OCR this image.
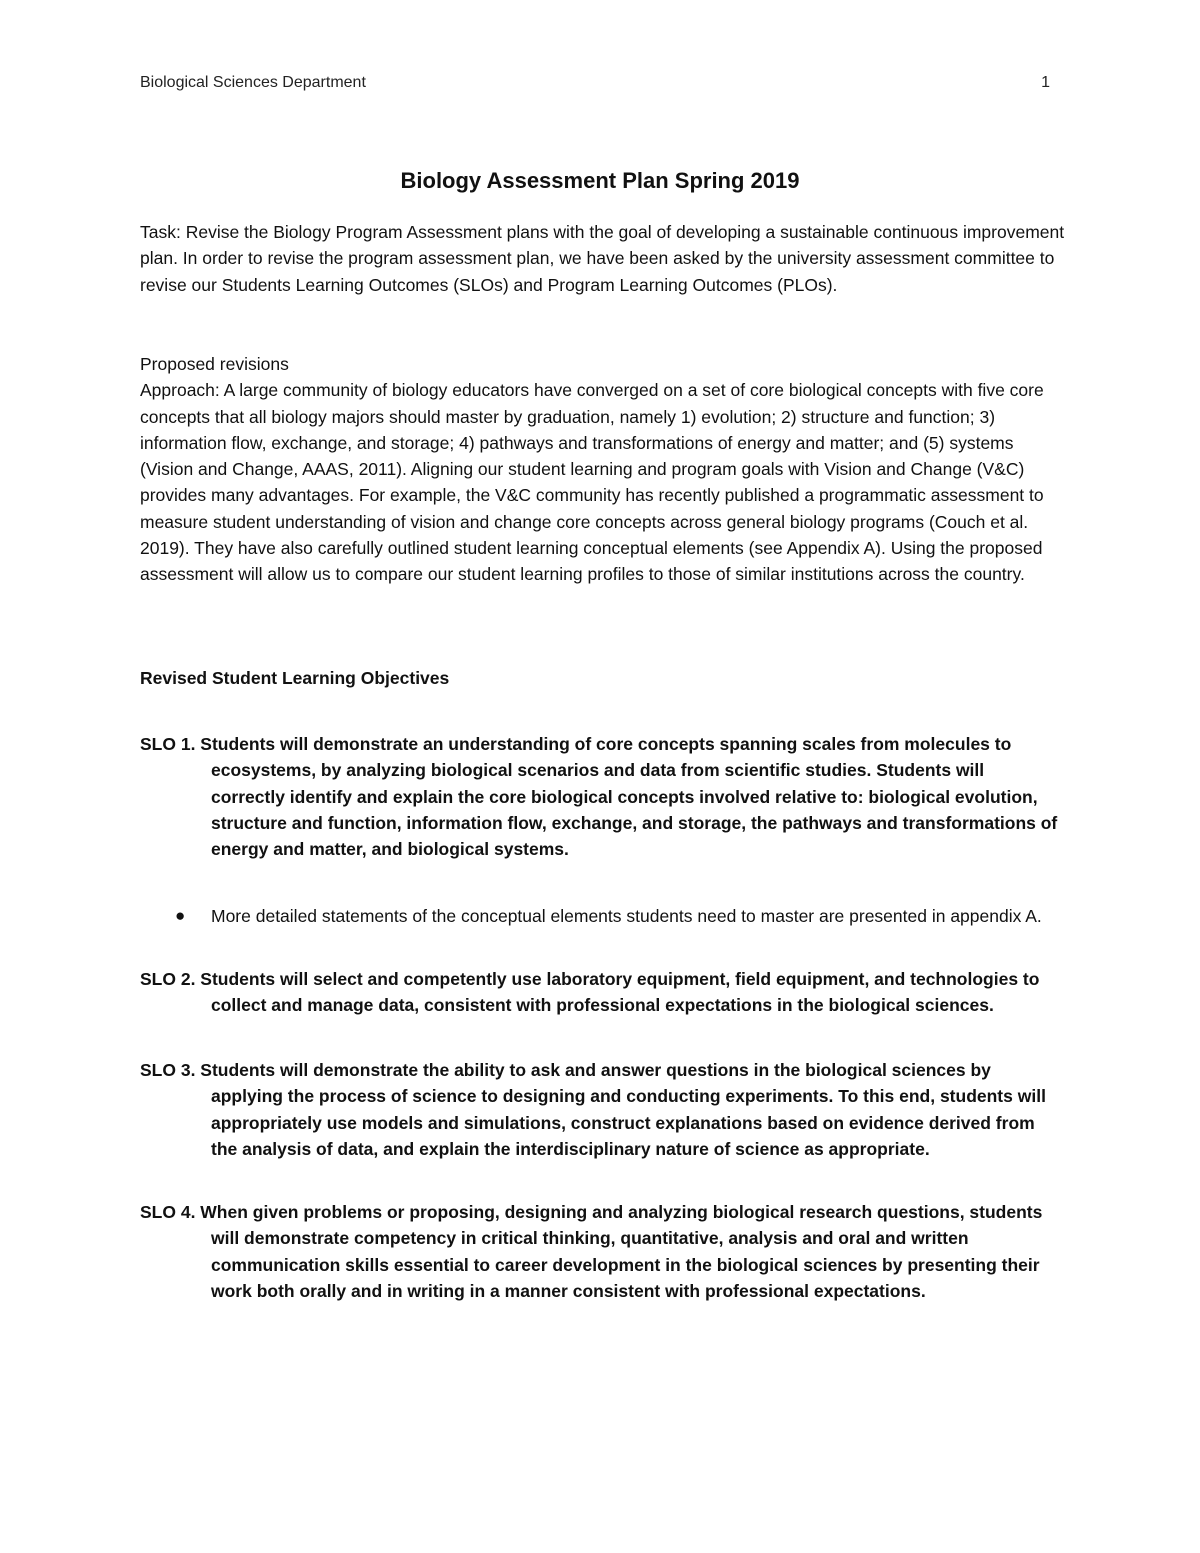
Biological Sciences Department	1
Biology Assessment Plan Spring 2019

Task: Revise the Biology Program Assessment plans with the goal of developing a sustainable continuous improvement plan. In order to revise the program assessment plan, we have been asked by the university assessment committee to revise our Students Learning Outcomes (SLOs) and Program Learning Outcomes (PLOs).

Proposed revisions

Approach: A large community of biology educators have converged on a set of core biological concepts with five core concepts that all biology majors should master by graduation, namely 1) evolution; 2) structure and function; 3) information flow, exchange, and storage; 4) pathways and transformations of energy and matter; and (5) systems (Vision and Change, AAAS, 2011). Aligning our student learning and program goals with Vision and Change (V&C) provides many advantages. For example, the V&C community has recently published a programmatic assessment to measure student understanding of vision and change core concepts across general biology programs (Couch et al. 2019). They have also carefully outlined student learning conceptual elements (see Appendix A). Using the proposed assessment will allow us to compare our student learning profiles to those of similar institutions across the country.

Revised Student Learning Objectives
SLO 1. Students will demonstrate an understanding of core concepts spanning scales from molecules to ecosystems, by analyzing biological scenarios and data from scientific studies. Students will correctly identify and explain the core biological concepts involved relative to: biological evolution, structure and function, information flow, exchange, and storage, the pathways and transformations of energy and matter, and biological systems.
● More detailed statements of the conceptual elements students need to master are presented in appendix A.
SLO 2. Students will select and competently use laboratory equipment, field equipment, and technologies to collect and manage data, consistent with professional expectations in the biological sciences.
SLO 3. Students will demonstrate the ability to ask and answer questions in the biological sciences by applying the process of science to designing and conducting experiments. To this end, students will appropriately use models and simulations, construct explanations based on evidence derived from the analysis of data, and explain the interdisciplinary nature of science as appropriate.
SLO 4. When given problems or proposing, designing and analyzing biological research questions, students will demonstrate competency in critical thinking, quantitative, analysis and oral and written communication skills essential to career development in the biological sciences by presenting their work both orally and in writing in a manner consistent with professional expectations.
